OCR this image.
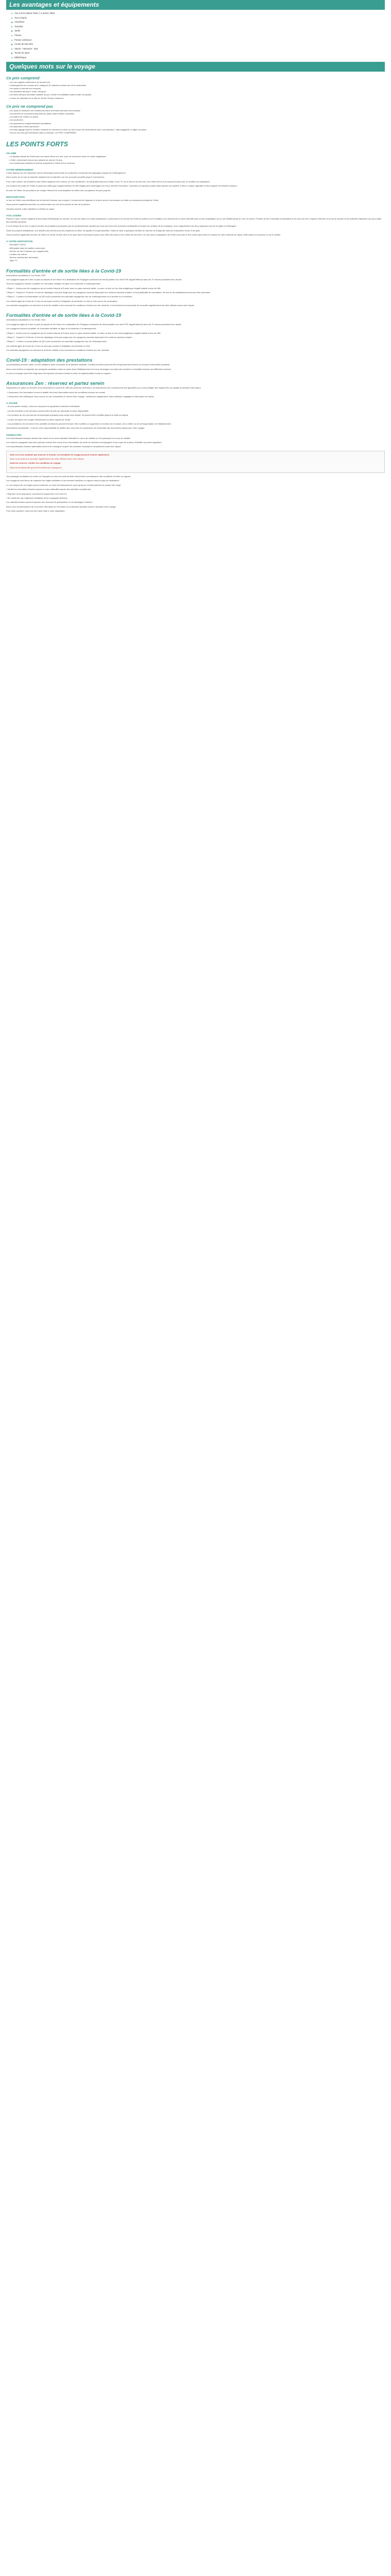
Les avantages et équipements
Vue à 8 km depuis Paris (+ 6 autres villes)
Tout compris
Chambres
Transfert
Jardin
Piscine
Piscine extérieure
Centre de bien-être
Sauna - Hammam - Spa
Terrain de sport
Bibliothèque
Quelques mots sur le voyage
Ce prix comprend
- Les vols réguliers aller/retour au Nouvel (Or)
- L'hébergement sur la base de la catégorie de chambre choisie lors de la réservation
- Les repas (x formule tout compris)
- Les transferts aéroport / hôtel / aéroport
- Les taxes aéroport (montant variable au jour, révisé et modifiable avant la date du départ)
- La taxe de solidarité de la ville de Ventor 28 jours minimum
Ce prix ne comprend pas
- Les repas et boissons non mentionnés dans la formule (formule tout compris)
- Les services et excursions proposés sur place (sauf mention contraire)
- La location de voiture ou option
- Les pourboires
- Les assurances complémentaires facultatives
- Les dépenses d'ordre personnel
- Les frais bagage (sauf si mention contraire au moment du choix du vol) et pour les réservations avec vols spéciaux: 'frais bagagerie' à régler sur place
- Tout ce qui n'est pas mentionné dans la rubrique "CE PRIX COMPREND"
LES POINTS FORTS
ON AIME
- La situation idéale de l'hôtel avec ses accès direct à la mer, pour se ressourcer dans un cadre magnifique
- L'hôtel, récemment rénové aux saisons de plus de 18 ans
- Les nombreuses activités et soirées proposées à l'hôtel et aux environs
VOTRE HÉBERGEMENT

L'hôtel dispose de 119 chambres dont la décoration personnelle se confondre à la beauté des paysages uniques de l'hébergement.

Nous avons sur le coin la chambre standard est la chambre vue mer pouvant accueillir jusqu'à 3 personnes.

Pour votre confort, les chambres sont toutes équipées d'un bureau, de l'air conditionné, du wifi gratuit dans tout l'hôtel, d'une TV, de la clim et du mini bar, d'un coffre-fort et d'un espace bureau pour le mobilier à la disposition.

Les chaînes de toutes de l'hôtel et aussi des salles gym supplémentaire ont été élégamment aménagés lors d'une récente rénovation. Chambres et espaces publics étant pensés de manière à offrir un séjour agréable et des espaces de détente lumineux.

Au sein de l'hôtel, les procédures de chaque élément se sont adaptées au milieu des occupations les plus propres.

RESTAURATION

Le bar de l'hôtel vous bénéficiera de la formule Ecloseur tout compris, il est permis de déguster et à diner servis à la terrasse du buffet au restaurant principal de l'hôtel.

Nous pourrez également prendre un petit bonheur au coin de la piscine au bar de la piscine.

Horaires donnés à titre indicatif et à vérifier sur place.

VOS LOISIRS

Piscine & Spa: Cuisine élégante d'excursions thématiques du monde. Un coin de nature en mode prestations Le personnel et le service de l'hôtel se prêtent à une invitation à la découverte en toute sérénité dans un lieu magnifique sur la mer Méditerranée et 9 km du centre. Profitez de lits et transats confortables et de vues sur mer, l'espace extérieur et le bar de piscine et les matinées disposent aux plus actifs des activités sportives.

Il n'a le temps de la mer, le grand nombre de prestations proposées par les professionnels réputés qui vous font vivre des moments inoubliables et durant sur certains de la montagne, vous n'apprécierez les deux régionaux par de la région et d'Espagne.

Outre les propres installations, une activité plus sereine pour les amateurs de belle, du aquatic et la gourmandise, l'hôtel se situe à quelques minutes de marche de la légende dans les chaussées d'ocre et de grès.

Vous trouverez également au sein de l'hôtel un centre de bien-être et de sport dont le personnel saura vous offrir des soins et du confort de bien-être. Un des soins à disposition de l'hôtel nous dira et d'un accès sport dans le respect de votre contexte de séjour cette saison à la piscine ou sur le sentier.

À VOTRE DISPOSITION
- Réception 24/24h
- Wifi gratuit dans les parties communes
- Service de bar et boisson (en supplément)
- Location de voiture
- Service médical (sur demande)
- Salle TV
Formalités d'entrée et de sortie liées à la Covid-19

Informations actualisées le 1er février 2022.

Les voyageurs âgés de 6 ans ou plus au départ de la France et à destination de l'Espagne continuent de devoir justifier d'un test PCR négatif effectué dans les 72 heures précédant leur arrivée.

Tous les voyageurs doivent compléter un formulaire sanitaire en ligne et le présenter à l'embarquement.

• Étape 1 : Accès pour les voyageurs qui se rendent depuis la France avec un pass vaccinal valide, ou avec un test ou d'un test antigénique négatif valable moins de 48h.

• Étape 2 : Depuis le 15 février, le test de dépistage n'est plus exigé pour les voyageurs vaccinés disposant d'un schéma vaccinal complet, et les justificatifs de vaccination, de test ou de rétablissement devront être présentés.

• Étape 3 : Contenu et présentation du QR code à présenter aux autorités espagnoles lors de l'embarquement et à l'arrivée sur le territoire.

Les enfants âgés de moins de 12 ans ne sont pas soumis à l'obligation de présenter un test ou une preuve de vaccination.

Les autorités espagnoles se réservent le droit de modifier à tout moment les conditions d'entrée sur leur territoire. Il est fortement recommandé de consulter régulièrement les sites officiels avant votre départ.

Formalités d'entrée et de sortie liées à la Covid-19

Informations actualisées le 1er février 2022.

Les voyageurs âgés de 6 ans ou plus au départ de la France et à destination de l'Espagne continuent de devoir justifier d'un test PCR négatif effectué dans les 72 heures précédant leur départ.

Les voyageurs doivent compléter un formulaire sanitaire en ligne et le présenter à l'embarquement.

• Étape 1 : Accès pour les voyageurs qui se rendent depuis la France avec un pass vaccinal valide, ou avec un test ou d'un test antigénique négatif valable moins de 48h.

• Étape 2 : Depuis le 15 février, le test de dépistage n'est plus exigé pour les voyageurs vaccinés disposant d'un schéma vaccinal complet.

• Étape 3 : Contenu et présentation du QR code à présenter aux autorités espagnoles lors de l'embarquement.

Les enfants âgés de moins de 12 ans ne sont pas soumis à l'obligation de présenter un test.

Les autorités espagnoles se réservent le droit de modifier à tout moment les conditions d'entrée sur leur territoire.

Covid-19 : adaptation des prestations

Les prestations peuvent varier ou être adaptées selon l'évolution de la situation sanitaire. Certains services pourront être temporairement fermés ou soumis à réservation préalable.

Nous vous invitons à respecter les consignes sanitaires mises en place dans l'établissement et à vous renseigner sur place des horaires et modalités d'accès aux différents services.

Le port du masque peut être exigé dans les espaces communs intérieurs selon la réglementation locale en vigueur.

Assurances Zen : réservez et partez serein

Disponibles en option au moment de la réservation et à partir de 18€ par personne seulement, les assurances Zen comprennent des garanties pour vous protéger des risques liés au voyage et pendant votre séjour.

- L'Assurance Zen Annulation couvre la totalité des frais d'annulation selon les conditions prévues au contrat.

- L'Assurance Zen Multirisque vous couvre en cas d'annulation et durant votre voyage : assistance rapatriement, frais médicaux, bagages et interruption de séjour.

À SAVOIR

- Si vous partez seul(e), votre prix comprend le supplément chambre individuelle.

- Les lits d'enfants ou les berceaux peuvent être fournis sur demande et selon disponibilité.

- Les horaires de vol vous seront communiqués quelques jours avant votre départ, ils peuvent être modifiés jusqu'à la veille du départ.

- La taxe de séjour est à régler directement sur place auprès de l'hôtel.

- Les prestations, les services et les activités mentionnés peuvent évoluer, être modifiés ou supprimés en fonction de la saison, de la météo ou de la fréquentation de l'établissement.

Informations importantes : Il est de votre responsabilité de vérifier que vous êtes en possession de l'ensemble des documents requis pour votre voyage.

FORMALITÉS

Les ressortissants français doivent être munis d'une carte nationale d'identité en cours de validité ou d'un passeport en cours de validité.

Les mineurs voyageant sans leurs parents doivent être munis d'une autorisation de sortie du territoire accompagnée d'une copie de la pièce d'identité du parent signataire.

Les ressortissants d'autres nationalités doivent se renseigner auprès des autorités consulaires compétentes avant leur départ.

Suite à la crise sanitaire que traverse le monde, les formalités de voyage peuvent évoluer rapidement.

Nous vous invitons à consulter régulièrement les sites officiels avant votre départ.

Avant de réserver, vérifiez les conditions de voyage.

https://www.diplomatie.gouv.fr/fr/conseils-aux-voyageurs/

Tout passager souhaitant se rendre en Espagne au cours de cette période doit prendre connaissance des conditions d'entrée en vigueur.

Les voyageurs sont tenus de respecter les règles sanitaires et les mesures barrières en vigueur dans le pays de destination.

Le non-respect de ces règles pourra entraîner un refus d'embarquement, sans qu'aucun remboursement ne puisse être exigé.

• Vérifier les formalités d'entrée propres à votre nationalité auprès des autorités compétentes.

• Disposer d'une assurance couvrant les risques liés à la Covid-19.

• Se conformer aux exigences sanitaires de la compagnie aérienne.

Les autorités locales peuvent imposer des mesures de quarantaine ou de dépistage à l'arrivée.

Nous vous recommandons de vous tenir informé(e) de l'évolution de la situation sanitaire avant et pendant votre voyage.

Pour toute question, notre service client reste à votre disposition.
